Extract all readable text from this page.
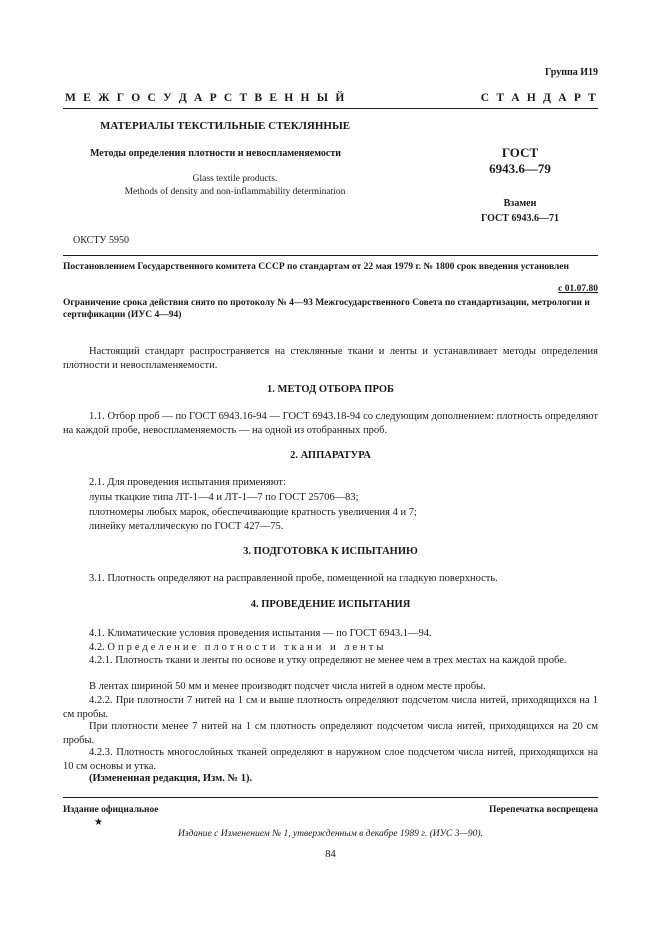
Группа И19
М Е Ж Г О С У Д А Р С Т В Е Н Н Ы Й	С Т А Н Д А Р Т
МАТЕРИАЛЫ ТЕКСТИЛЬНЫЕ СТЕКЛЯННЫЕ
Методы определения плотности и невоспламеняемости
Glass textile products.
Methods of density and non-inflammability determination
ГОСТ
6943.6—79
Взамен
ГОСТ 6943.6—71
ОКСТУ 5950
Постановлением Государственного комитета СССР по стандартам от 22 мая 1979 г. № 1800 срок введения установлен
с 01.07.80
Ограничение срока действия снято по протоколу № 4—93 Межгосударственного Совета по стандартизации, метрологии и сертификации (ИУС 4—94)
Настоящий стандарт распространяется на стеклянные ткани и ленты и устанавливает методы определения плотности и невоспламеняемости.
1. МЕТОД ОТБОРА ПРОБ
1.1. Отбор проб — по ГОСТ 6943.16-94 — ГОСТ 6943.18-94 со следующим дополнением: плотность определяют на каждой пробе, невоспламеняемость — на одной из отобранных проб.
2. АППАРАТУРА
2.1. Для проведения испытания применяют:
лупы ткацкие типа ЛТ-1—4 и ЛТ-1—7 по ГОСТ 25706—83;
плотномеры любых марок, обеспечивающие кратность увеличения 4 и 7;
линейку металлическую по ГОСТ 427—75.
3. ПОДГОТОВКА К ИСПЫТАНИЮ
3.1. Плотность определяют на расправленной пробе, помещенной на гладкую поверхность.
4. ПРОВЕДЕНИЕ ИСПЫТАНИЯ
4.1. Климатические условия проведения испытания — по ГОСТ 6943.1—94.
4.2. Определение плотности ткани и ленты
4.2.1. Плотность ткани и ленты по основе и утку определяют не менее чем в трех местах на каждой пробе.
В лентах шириной 50 мм и менее производят подсчет числа нитей в одном месте пробы.
4.2.2. При плотности 7 нитей на 1 см и выше плотность определяют подсчетом числа нитей, приходящихся на 1 см пробы.
При плотности менее 7 нитей на 1 см плотность определяют подсчетом числа нитей, приходящихся на 20 см пробы.
4.2.3. Плотность многослойных тканей определяют в наружном слое подсчетом числа нитей, приходящихся на 10 см основы и утка.
(Измененная редакция, Изм. № 1).
Издание официальное	Перепечатка воспрещена
★
Издание с Изменением № 1, утвержденным в декабре 1989 г. (ИУС 3—90).
84
